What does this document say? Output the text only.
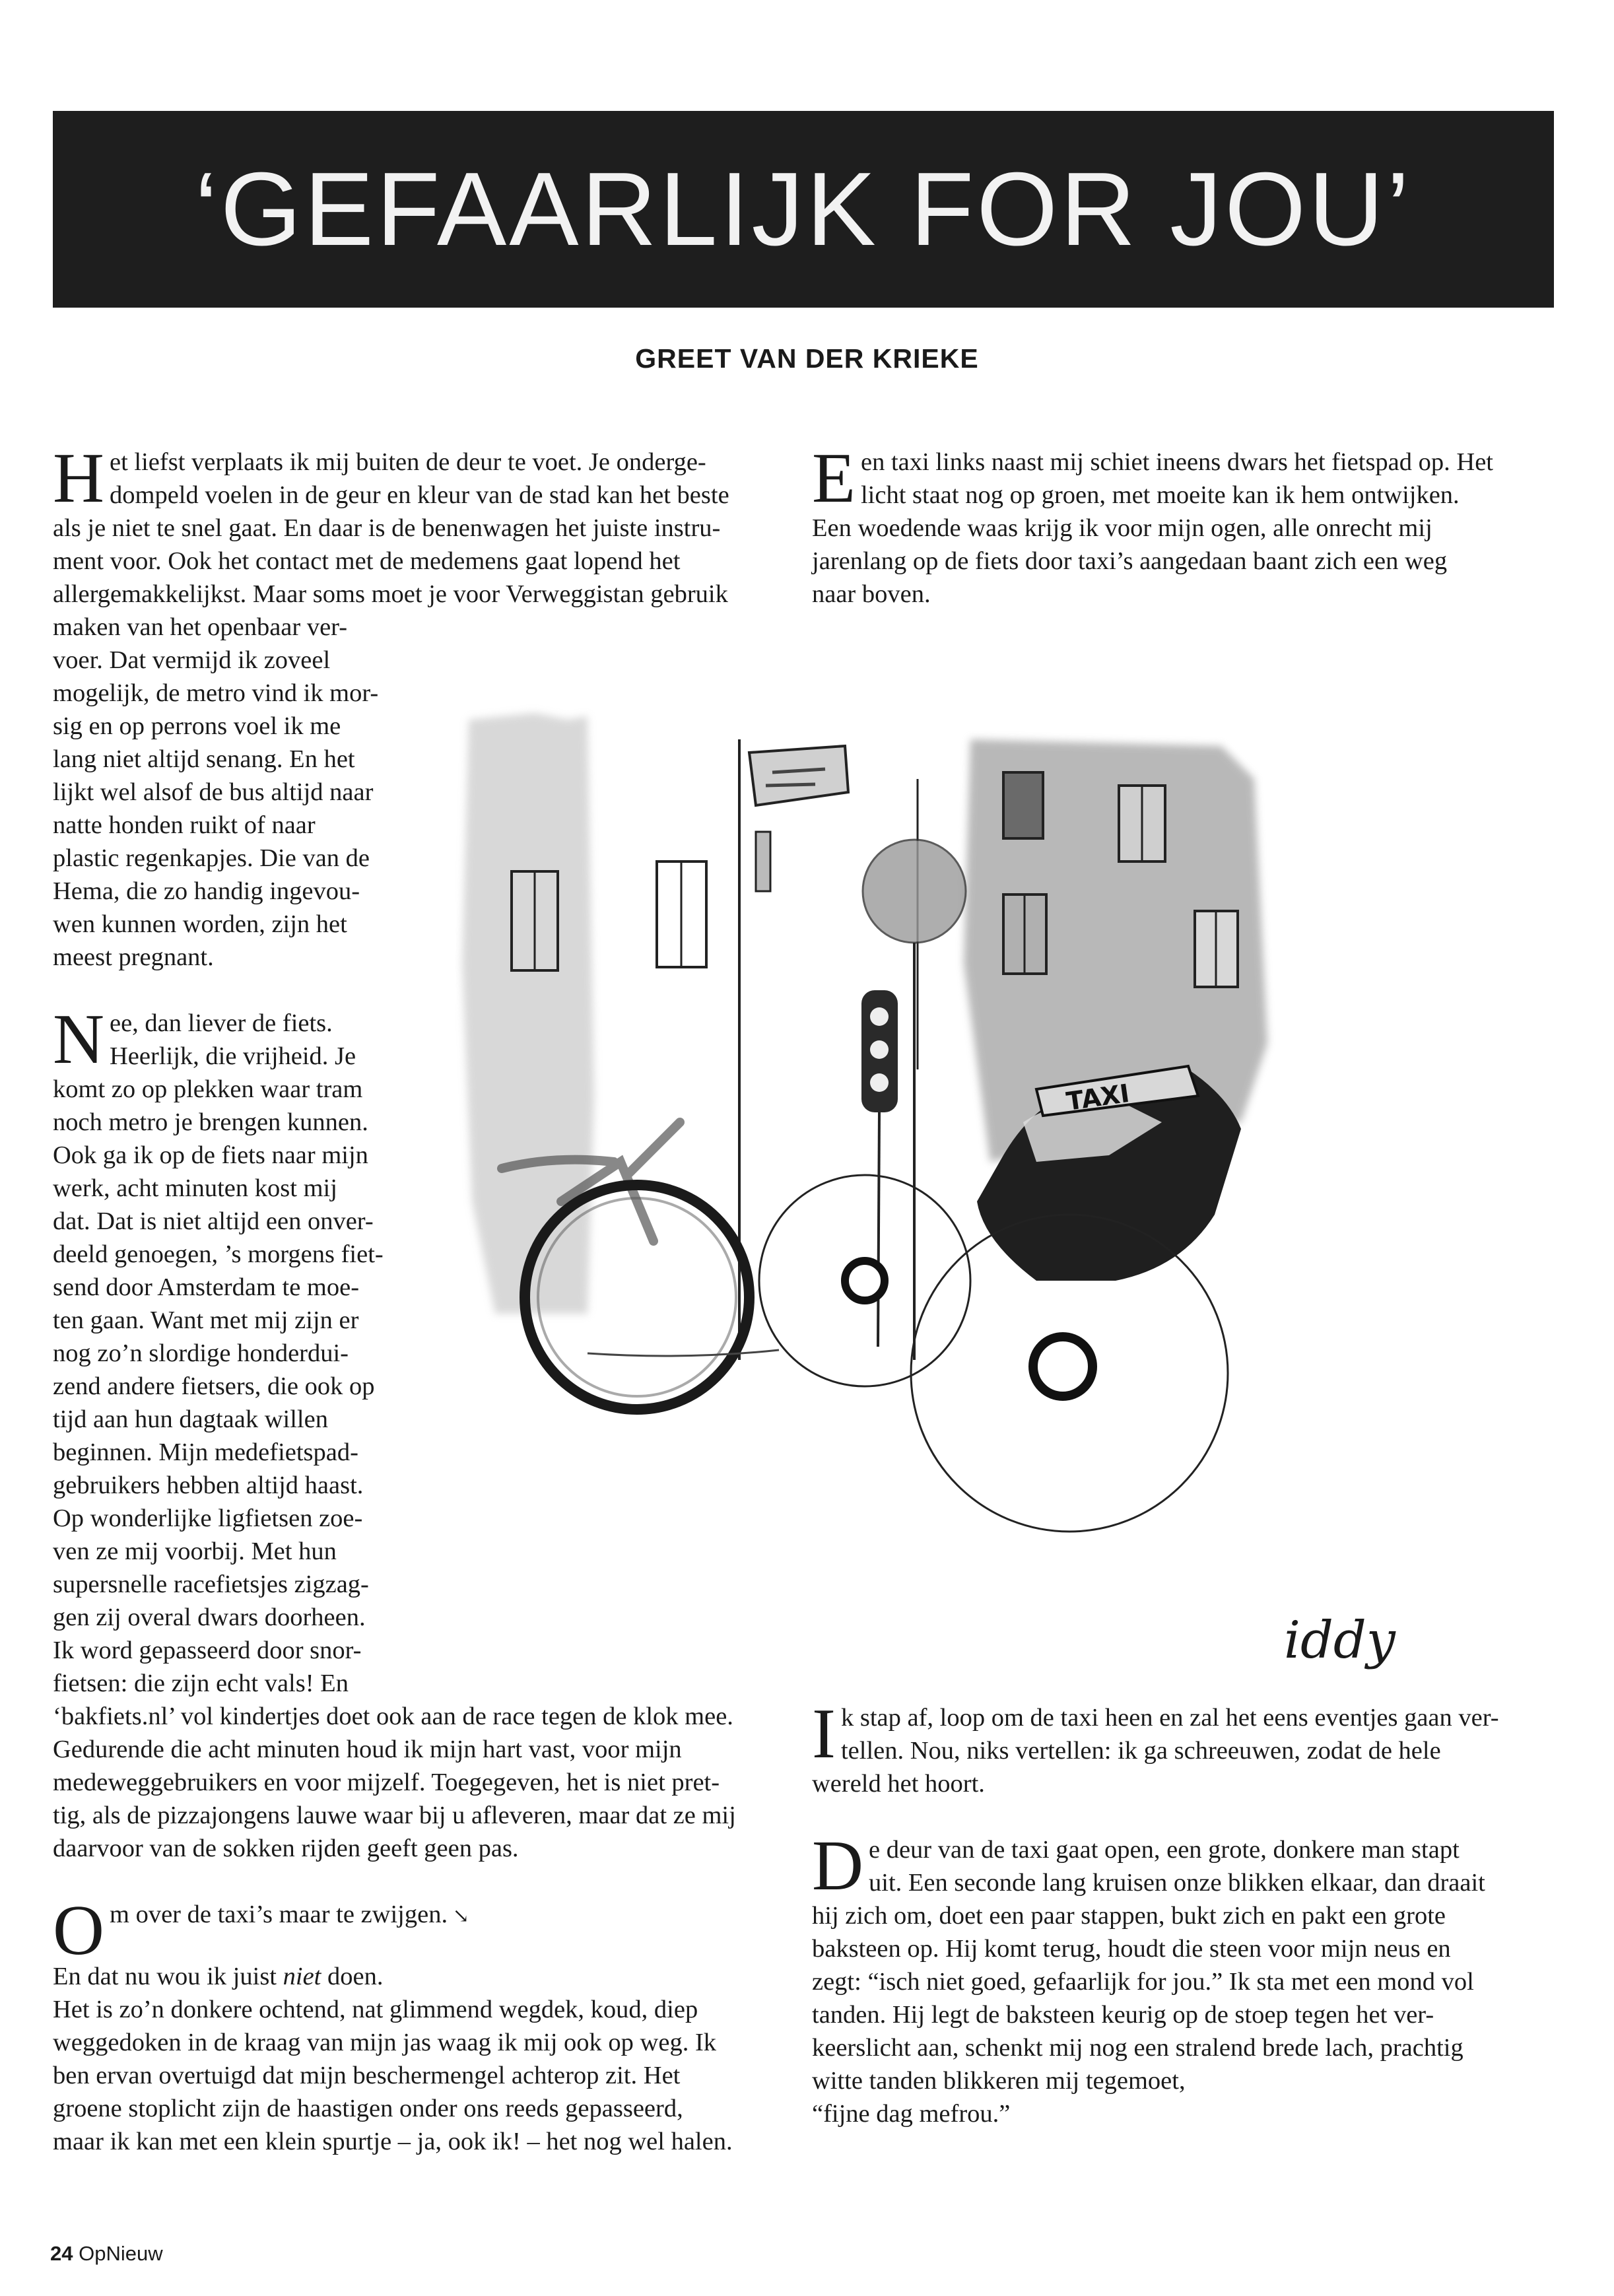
‘GEFAARLIJK FOR JOU’
GREET VAN DER KRIEKE
H et liefst verplaats ik mij buiten de deur te voet. Je onderge-

dompeld voelen in de geur en kleur van de stad kan het beste

als je niet te snel gaat. En daar is de benenwagen het juiste instru-

ment voor. Ook het contact met de medemens gaat lopend het

allergemakkelijkst. Maar soms moet je voor Verweggistan gebruik

maken van het openbaar ver-

voer. Dat vermijd ik zoveel

mogelijk, de metro vind ik mor-

sig en op perrons voel ik me

lang niet altijd senang. En het

lijkt wel alsof de bus altijd naar

natte honden ruikt of naar

plastic regenkapjes. Die van de

Hema, die zo handig ingevou-

wen kunnen worden, zijn het

meest pregnant.

N ee, dan liever de fiets.

Heerlijk, die vrijheid. Je

komt zo op plekken waar tram

noch metro je brengen kunnen.

Ook ga ik op de fiets naar mijn

werk, acht minuten kost mij

dat. Dat is niet altijd een onver-

deeld genoegen, ’s morgens fiet-

send door Amsterdam te moe-

ten gaan. Want met mij zijn er

nog zo’n slordige honderdui-

zend andere fietsers, die ook op

tijd aan hun dagtaak willen

beginnen. Mijn medefietspad-

gebruikers hebben altijd haast.

Op wonderlijke ligfietsen zoe-

ven ze mij voorbij. Met hun

supersnelle racefietsjes zigzag-

gen zij overal dwars doorheen.

Ik word gepasseerd door snor-

fietsen: die zijn echt vals! En

‘bakfiets.nl’ vol kindertjes doet ook aan de race tegen de klok mee.

Gedurende die acht minuten houd ik mijn hart vast, voor mijn

medeweggebruikers en voor mijzelf. Toegegeven, het is niet pret-

tig, als de pizzajongens lauwe waar bij u afleveren, maar dat ze mij

daarvoor van de sokken rijden geeft geen pas.

O m over de taxi’s maar te zwijgen. ↘

En dat nu wou ik juist niet doen.

Het is zo’n donkere ochtend, nat glimmend wegdek, koud, diep

weggedoken in de kraag van mijn jas waag ik mij ook op weg. Ik

ben ervan overtuigd dat mijn beschermengel achterop zit. Het

groene stoplicht zijn de haastigen onder ons reeds gepasseerd,

maar ik kan met een klein spurtje – ja, ook ik! – het nog wel halen.

E en taxi links naast mij schiet ineens dwars het fietspad op. Het

licht staat nog op groen, met moeite kan ik hem ontwijken.

Een woedende waas krijg ik voor mijn ogen, alle onrecht mij

jarenlang op de fiets door taxi’s aangedaan baant zich een weg

naar boven.

TAXI
iddy
I k stap af, loop om de taxi heen en zal het eens eventjes gaan ver-

tellen. Nou, niks vertellen: ik ga schreeuwen, zodat de hele

wereld het hoort.

D e deur van de taxi gaat open, een grote, donkere man stapt

uit. Een seconde lang kruisen onze blikken elkaar, dan draait

hij zich om, doet een paar stappen, bukt zich en pakt een grote

baksteen op. Hij komt terug, houdt die steen voor mijn neus en

zegt: “isch niet goed, gefaarlijk for jou.” Ik sta met een mond vol

tanden. Hij legt de baksteen keurig op de stoep tegen het ver-

keerslicht aan, schenkt mij nog een stralend brede lach, prachtig

witte tanden blikkeren mij tegemoet,

“fijne dag mefrou.”

24 OpNieuw
